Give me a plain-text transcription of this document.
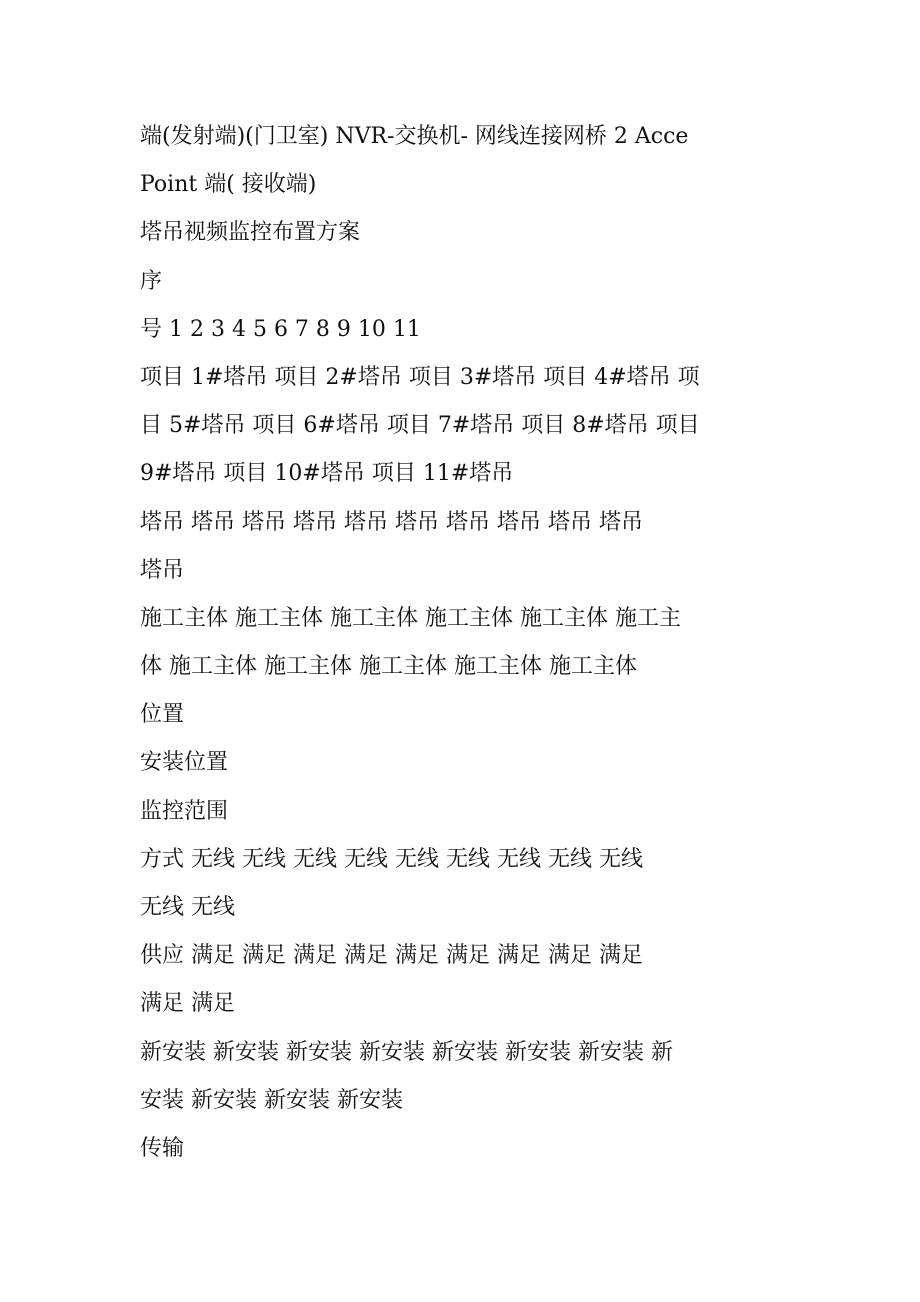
端(发射端)(门卫室) NVR-交换机- 网线连接网桥 2 Acce
Point 端( 接收端)
塔吊视频监控布置方案
序
号 1 2 3 4 5 6 7 8 9 10 11
项目 1#塔吊 项目 2#塔吊 项目 3#塔吊 项目 4#塔吊 项
目 5#塔吊 项目 6#塔吊 项目 7#塔吊 项目 8#塔吊 项目
9#塔吊 项目 10#塔吊 项目 11#塔吊
塔吊 塔吊 塔吊 塔吊 塔吊 塔吊 塔吊 塔吊 塔吊 塔吊
塔吊
施工主体 施工主体 施工主体 施工主体 施工主体 施工主
体 施工主体 施工主体 施工主体 施工主体 施工主体
位置
安装位置
监控范围
方式 无线 无线 无线 无线 无线 无线 无线 无线 无线
无线 无线
供应 满足 满足 满足 满足 满足 满足 满足 满足 满足
满足 满足
新安装 新安装 新安装 新安装 新安装 新安装 新安装 新
安装 新安装 新安装 新安装
传输
